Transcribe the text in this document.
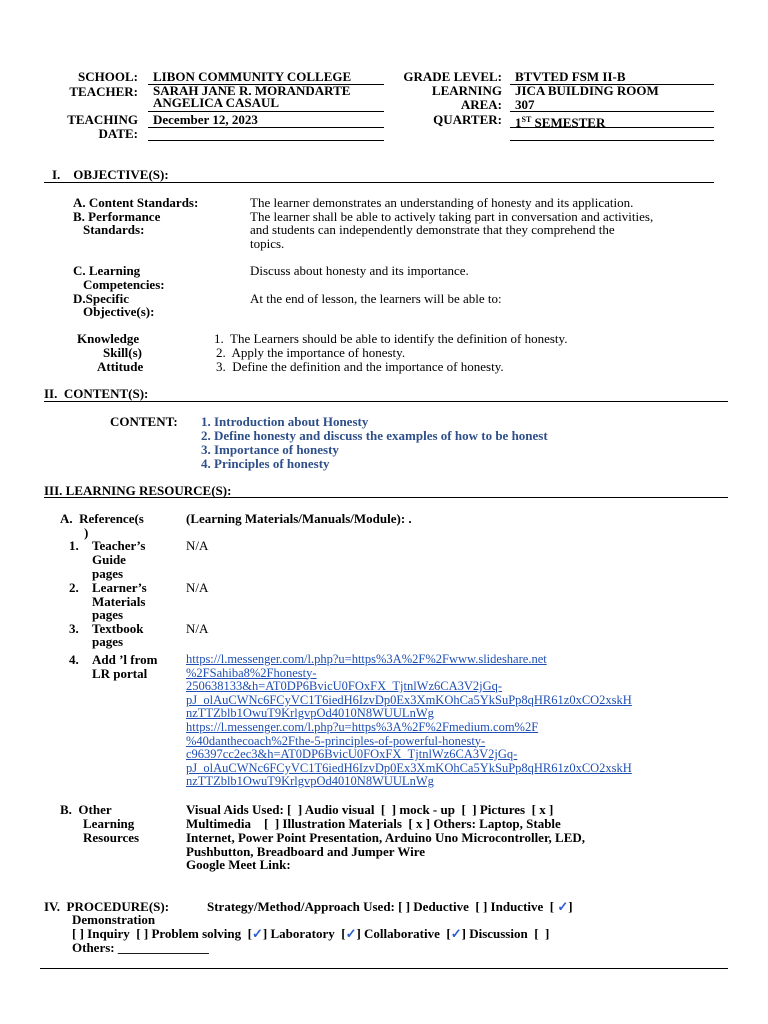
SCHOOL: LIBON COMMUNITY COLLEGE
TEACHER: SARAH JANE R. MORANDARTE
ANGELICA CASAUL
TEACHING
DATE:
December 12, 2023
GRADE LEVEL: BTVTED FSM II-B
LEARNING
AREA:
JICA BUILDING ROOM
307
QUARTER: 1ST SEMESTER
I.    OBJECTIVE(S):
A. Content Standards:	The learner demonstrates an understanding of honesty and its application.
B. Performance
Standards:
The learner shall be able to actively taking part in conversation and activities,
and students can independently demonstrate that they comprehend the
topics.
C. Learning
Competencies:
Discuss about honesty and its importance.
D.Specific
Objective(s):
At the end of lesson, the learners will be able to:
Knowledge
Skill(s)
Attitude
1.  The Learners should be able to identify the definition of honesty.
2.  Apply the importance of honesty.
3.  Define the definition and the importance of honesty.
II.  CONTENT(S):
CONTENT: 1. Introduction about Honesty
2. Define honesty and discuss the examples of how to be honest
3. Importance of honesty
4. Principles of honesty
III. LEARNING RESOURCE(S):
A.  Reference(s
)
(Learning Materials/Manuals/Module): .
1. Teacher’s
Guide
pages
N/A
2. Learner’s
Materials
pages
N/A
3. Textbook
pages
N/A
4. Add ’l from
LR portal
https://l.messenger.com/l.php?u=https%3A%2F%2Fwww.slideshare.net
%2FSahiba8%2Fhonesty-
250638133&h=AT0DP6BvicU0FOxFX_TjtnlWz6CA3V2jGq-
pJ_olAuCWNc6FCyVC1T6iedH6IzvDp0Ex3XmKOhCa5YkSuPp8qHR61z0xCO2xskH
nzTTZblb1OwuT9KrlgvpOd4010N8WUULnWg
https://l.messenger.com/l.php?u=https%3A%2F%2Fmedium.com%2F
%40danthecoach%2Fthe-5-principles-of-powerful-honesty-
c96397cc2ec3&h=AT0DP6BvicU0FOxFX_TjtnlWz6CA3V2jGq-
pJ_olAuCWNc6FCyVC1T6iedH6IzvDp0Ex3XmKOhCa5YkSuPp8qHR61z0xCO2xskH
nzTTZblb1OwuT9KrlgvpOd4010N8WUULnWg
B.  Other
Learning
Resources
Visual Aids Used: [  ] Audio visual  [  ] mock - up  [  ] Pictures  [ x ]
Multimedia    [  ] Illustration Materials  [ x ] Others: Laptop, Stable
Internet, Power Point Presentation, Arduino Uno Microcontroller, LED,
Pushbutton, Breadboard and Jumper Wire
Google Meet Link:
IV.  PROCEDURE(S):	Strategy/Method/Approach Used: [ ] Deductive  [ ] Inductive  [ ✓]
Demonstration
[ ] Inquiry  [ ] Problem solving  [✓] Laboratory  [✓] Collaborative  [✓] Discussion  [  ]
Others: ______________
